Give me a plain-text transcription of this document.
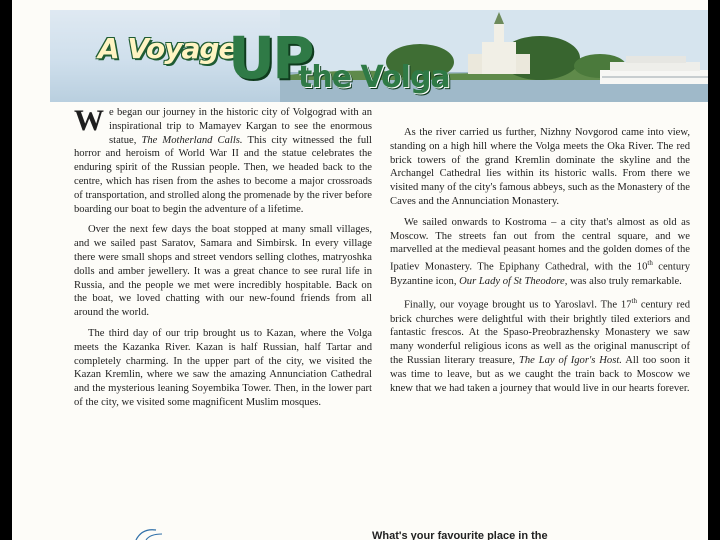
A Voyage
UP
the Volga

We began our journey in the historic city of Volgograd with an inspirational trip to Mamayev Kargan to see the enormous statue, The Motherland Calls. This city witnessed the full horror and heroism of World War II and the statue celebrates the enduring spirit of the Russian people. Then, we headed back to the centre, which has risen from the ashes to become a major crossroads of transportation, and strolled along the promenade by the river before boarding our boat to begin the adventure of a lifetime.

Over the next few days the boat stopped at many small villages, and we sailed past Saratov, Samara and Simbirsk. In every village there were small shops and street vendors selling clothes, matryoshka dolls and amber jewellery. It was a great chance to see rural life in Russia, and the people we met were incredibly hospitable. Back on the boat, we loved chatting with our new-found friends from all around the world.

The third day of our trip brought us to Kazan, where the Volga meets the Kazanka River. Kazan is half Russian, half Tartar and completely charming. In the upper part of the city, we visited the Kazan Kremlin, where we saw the amazing Annunciation Cathedral and the mysterious leaning Soyembika Tower. Then, in the lower part of the city, we visited some magnificent Muslim mosques.

As the river carried us further, Nizhny Novgorod came into view, standing on a high hill where the Volga meets the Oka River. The red brick towers of the grand Kremlin dominate the skyline and the Archangel Cathedral lies within its historic walls. From there we visited many of the city's famous abbeys, such as the Monastery of the Caves and the Annunciation Monastery.

We sailed onwards to Kostroma – a city that's almost as old as Moscow. The streets fan out from the central square, and we marvelled at the medieval peasant homes and the golden domes of the Ipatiev Monastery. The Epiphany Cathedral, with the 10th century Byzantine icon, Our Lady of St Theodore, was also truly remarkable.

Finally, our voyage brought us to Yaroslavl. The 17th century red brick churches were delightful with their brightly tiled exteriors and fantastic frescos. At the Spaso-Preobrazhensky Monastery we saw many wonderful religious icons as well as the original manuscript of the Russian literary treasure, The Lay of Igor's Host. All too soon it was time to leave, but as we caught the train back to Moscow we knew that we had taken a journey that would live in our hearts forever.

What's your favourite place in the
